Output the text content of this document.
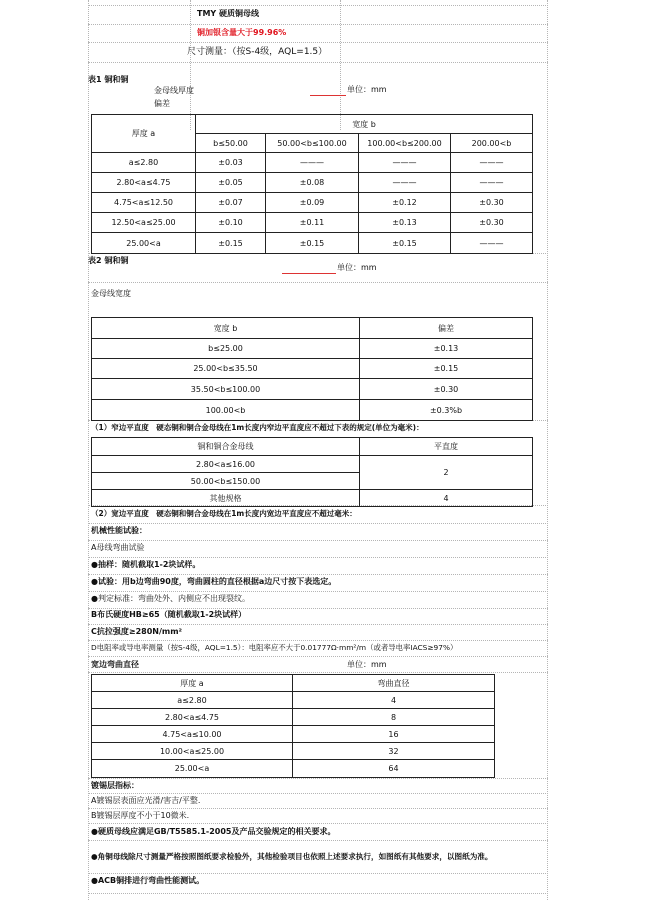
TMY 硬质铜母线
铜加银含量大于99.96%
尺寸测量：（按S-4级，AQL=1.5）
表1 铜和铜
金母线厚度
偏差
单位：mm
厚度 a	宽度 b			
	b≤50.00	50.00<b≤100.00	100.00<b≤200.00	200.00<b
a≤2.80	±0.03	———	———	———
2.80<a≤4.75	±0.05	±0.08	———	———
4.75<a≤12.50	±0.07	±0.09	±0.12	±0.30
12.50<a≤25.00	±0.10	±0.11	±0.13	±0.30
25.00<a	±0.15	±0.15	±0.15	———
表2 铜和铜
单位：mm
金母线宽度
宽度 b	偏差
b≤25.00	±0.13
25.00<b≤35.50	±0.15
35.50<b≤100.00	±0.30
100.00<b	±0.3%b
（1）窄边平直度　硬态铜和铜合金母线在1m长度内窄边平直度应不超过下表的规定(单位为毫米)：
铜和铜合金母线	平直度
2.80<a≤16.00	2
50.00<b≤150.00	
其他规格	4
（2）宽边平直度　硬态铜和铜合金母线在1m长度内宽边平直度应不超过毫米：
机械性能试验：
A母线弯曲试验
●抽样：随机截取1-2块试样。
●试验：用b边弯曲90度，弯曲圆柱的直径根据a边尺寸按下表选定。
●判定标准：弯曲处外、内侧应不出现裂纹。
B布氏硬度HB≥65（随机截取1-2块试样）
C抗拉强度≥280N/mm²
D电阻率或导电率测量（按S-4级，AQL=1.5）：电阻率应不大于0.01777Ω·mm²/m（或者导电率IACS≥97%）
宽边弯曲直径	单位：mm
厚度 a	弯曲直径
a≤2.80	4
2.80<a≤4.75	8
4.75<a≤10.00	16
10.00<a≤25.00	32
25.00<a	64
镀锡层指标：
A镀锡层表面应光滑/害吉/平整.
B镀锡层厚度不小于10微米.
●硬质母线应满足GB/T5585.1-2005及产品交验规定的相关要求。
●角铜母线除尺寸测量严格按照图纸要求检验外，其他检验项目也依照上述要求执行，如图纸有其他要求，以图纸为准。
●ACB铜排进行弯曲性能测试。
